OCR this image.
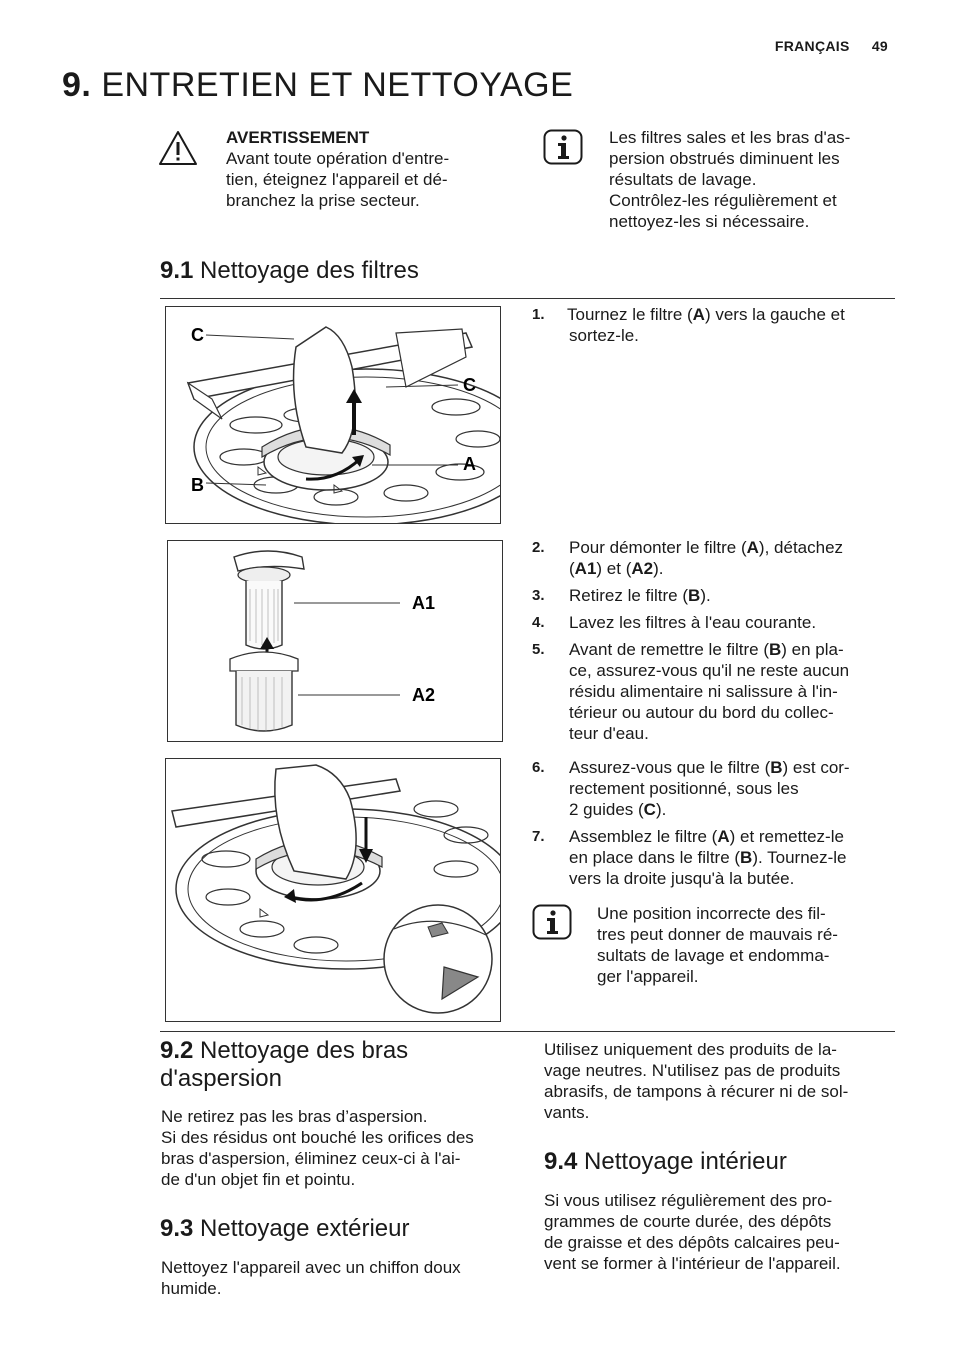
FRANÇAIS 49
9. ENTRETIEN ET NETTOYAGE
AVERTISSEMENT
Avant toute opération d'entre-
tien, éteignez l'appareil et dé-
branchez la prise secteur.
Les filtres sales et les bras d'as-
persion obstrués diminuent les
résultats de lavage.
Contrôlez-les régulièrement et
nettoyez-les si nécessaire.
9.1 Nettoyage des filtres
C
C
A
B
A1
A2
1. Tournez le filtre (A) vers la gauche et
sortez-le.
2. Pour démonter le filtre (A), détachez
(A1) et (A2).
3. Retirez le filtre (B).
4. Lavez les filtres à l'eau courante.
5. Avant de remettre le filtre (B) en pla-
ce, assurez-vous qu'il ne reste aucun
résidu alimentaire ni salissure à l'in-
térieur ou autour du bord du collec-
teur d'eau.
6. Assurez-vous que le filtre (B) est cor-
rectement positionné, sous les
2 guides (C).
7. Assemblez le filtre (A) et remettez-le
en place dans le filtre (B). Tournez-le
vers la droite jusqu'à la butée.
Une position incorrecte des fil-
tres peut donner de mauvais ré-
sultats de lavage et endomma-
ger l'appareil.
9.2 Nettoyage des bras
d'aspersion
Ne retirez pas les bras d’aspersion.
Si des résidus ont bouché les orifices des
bras d'aspersion, éliminez ceux-ci à l'ai-
de d'un objet fin et pointu.
9.3 Nettoyage extérieur
Nettoyez l'appareil avec un chiffon doux
humide.
Utilisez uniquement des produits de la-
vage neutres. N'utilisez pas de produits
abrasifs, de tampons à récurer ni de sol-
vants.
9.4 Nettoyage intérieur
Si vous utilisez régulièrement des pro-
grammes de courte durée, des dépôts
de graisse et des dépôts calcaires peu-
vent se former à l'intérieur de l'appareil.
